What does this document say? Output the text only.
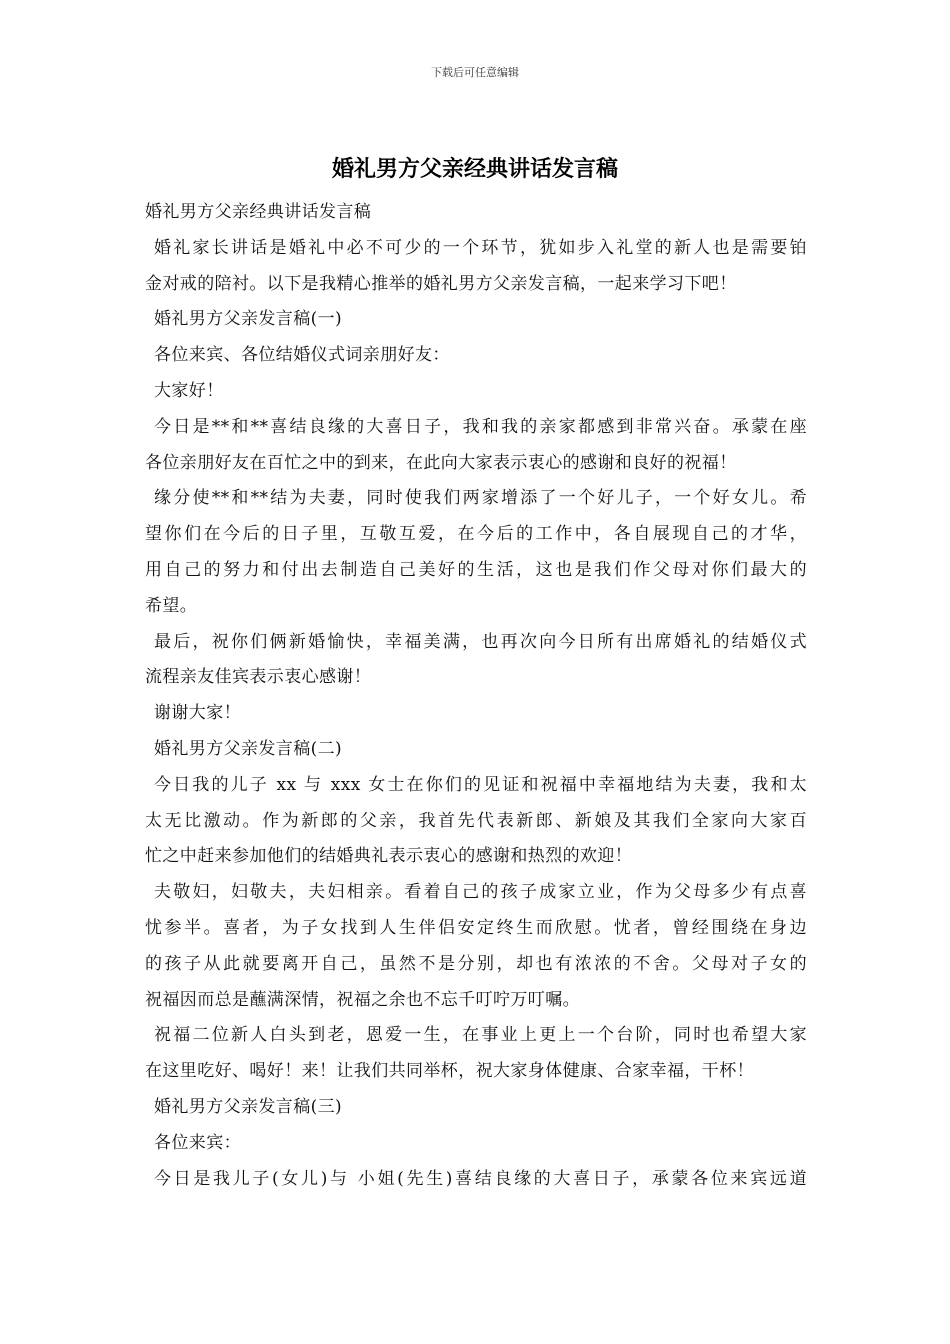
下载后可任意编辑
婚礼男方父亲经典讲话发言稿
婚礼男方父亲经典讲话发言稿
婚礼家长讲话是婚礼中必不可少的一个环节，犹如步入礼堂的新人也是需要铂
金对戒的陪衬。以下是我精心推举的婚礼男方父亲发言稿，一起来学习下吧！
婚礼男方父亲发言稿(一)
各位来宾、各位结婚仪式词亲朋好友：
大家好！
今日是**和**喜结良缘的大喜日子，我和我的亲家都感到非常兴奋。承蒙在座
各位亲朋好友在百忙之中的到来，在此向大家表示衷心的感谢和良好的祝福！
缘分使**和**结为夫妻，同时使我们两家增添了一个好儿子，一个好女儿。希
望你们在今后的日子里，互敬互爱，在今后的工作中，各自展现自己的才华，
用自己的努力和付出去制造自己美好的生活，这也是我们作父母对你们最大的
希望。
最后，祝你们俩新婚愉快，幸福美满，也再次向今日所有出席婚礼的结婚仪式
流程亲友佳宾表示衷心感谢！
谢谢大家！
婚礼男方父亲发言稿(二)
今日我的儿子 xx 与 xxx 女士在你们的见证和祝福中幸福地结为夫妻，我和太
太无比激动。作为新郎的父亲，我首先代表新郎、新娘及其我们全家向大家百
忙之中赶来参加他们的结婚典礼表示衷心的感谢和热烈的欢迎！
夫敬妇，妇敬夫，夫妇相亲。看着自己的孩子成家立业，作为父母多少有点喜
忧参半。喜者，为子女找到人生伴侣安定终生而欣慰。忧者，曾经围绕在身边
的孩子从此就要离开自己，虽然不是分别，却也有浓浓的不舍。父母对子女的
祝福因而总是蘸满深情，祝福之余也不忘千叮咛万叮嘱。
祝福二位新人白头到老，恩爱一生，在事业上更上一个台阶，同时也希望大家
在这里吃好、喝好！来！让我们共同举杯，祝大家身体健康、合家幸福，干杯！
婚礼男方父亲发言稿(三)
各位来宾：
今日是我儿子(女儿)与 小姐(先生)喜结良缘的大喜日子，承蒙各位来宾远道
